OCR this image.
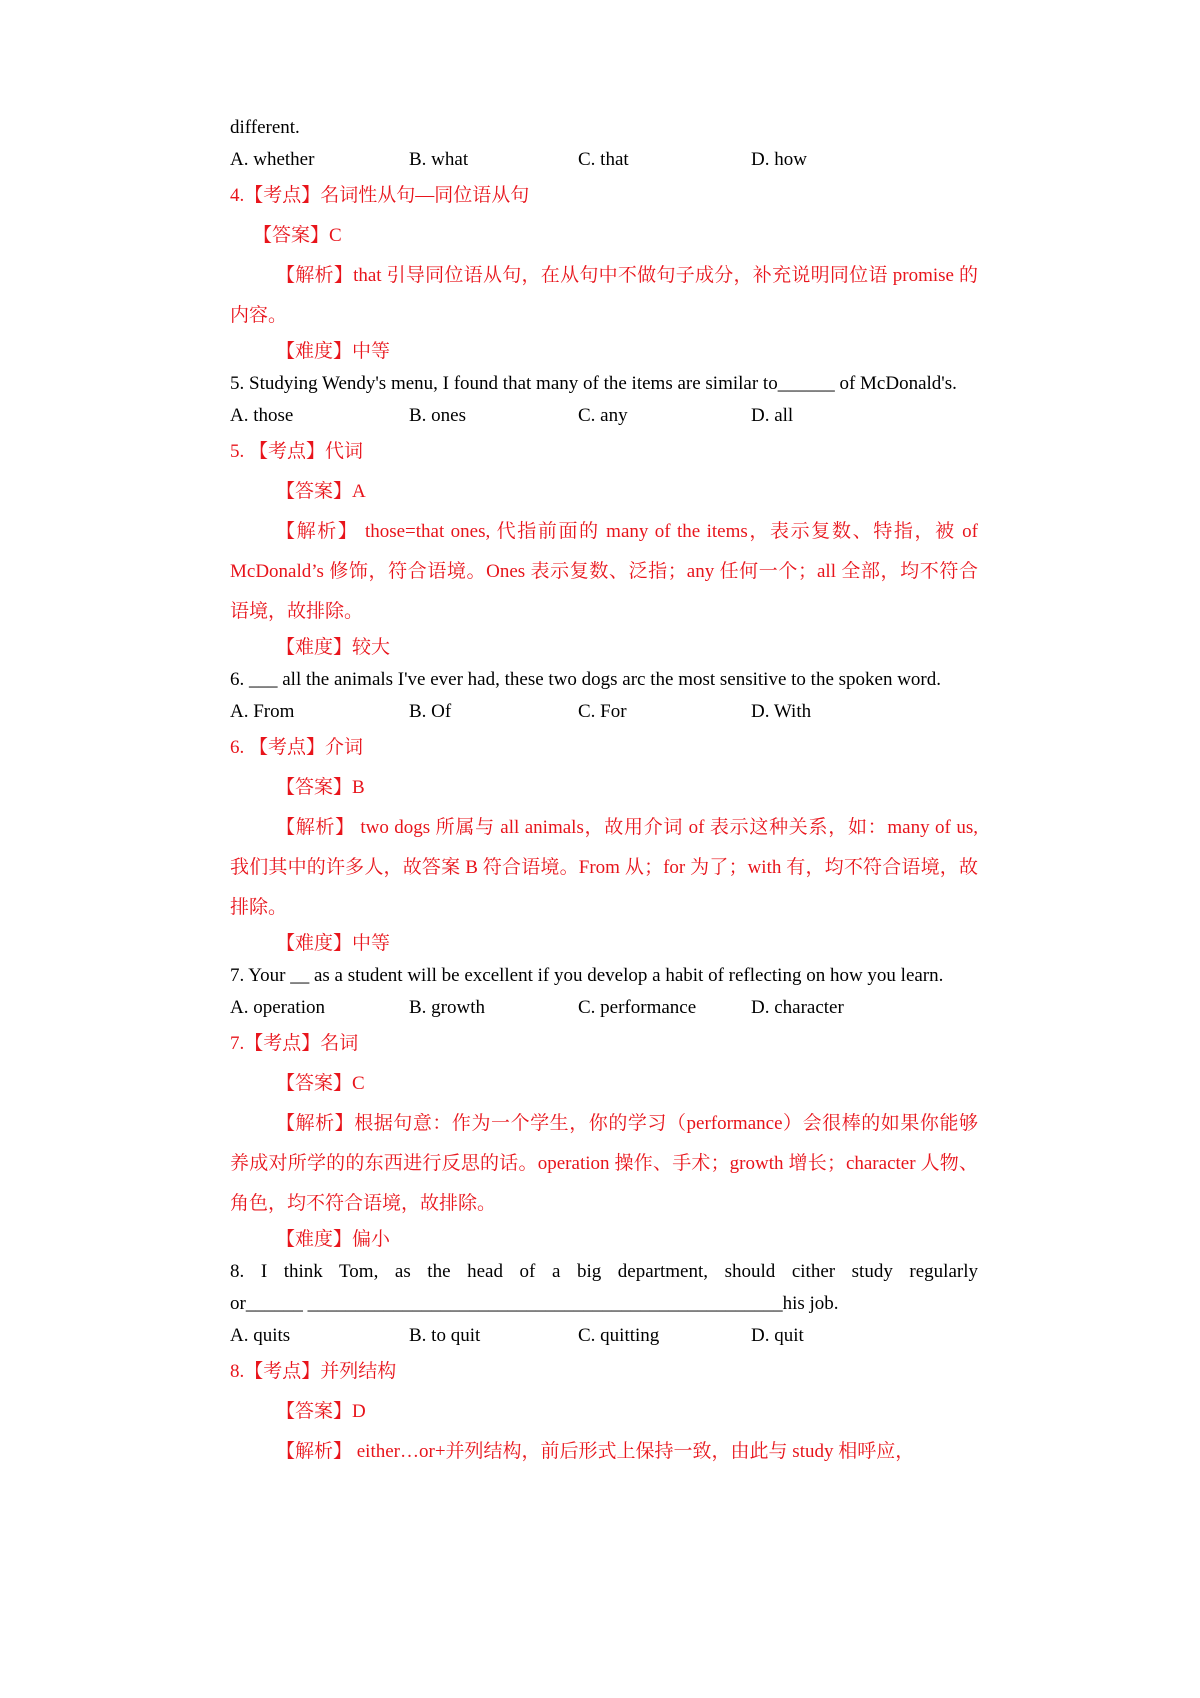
different.
A. whether	B. what	C. that	D. how
4.【考点】名词性从句—同位语从句
【答案】C
【解析】that 引导同位语从句，在从句中不做句子成分，补充说明同位语 promise 的内容。
【难度】中等
5. Studying Wendy's menu, I found that many of the items are similar to______ of McDonald's.
A. those	B. ones	C. any	D. all
5. 【考点】代词
【答案】A
【解析】 those=that ones, 代指前面的 many of the items，表示复数、特指，被 of McDonald’s 修饰，符合语境。Ones 表示复数、泛指；any 任何一个；all 全部，均不符合语境，故排除。
【难度】较大
6. ___ all the animals I've ever had, these two dogs arc the most sensitive to the spoken word.
A. From	B. Of	C. For	D. With
6. 【考点】介词
【答案】B
【解析】 two dogs 所属与 all animals，故用介词 of 表示这种关系，如：many of us, 我们其中的许多人，故答案 B 符合语境。From 从；for 为了；with 有，均不符合语境，故排除。
【难度】中等
7. Your __ as a student will be excellent if you develop a habit of reflecting on how you learn.
A. operation	B. growth	C. performance	D. character
7.【考点】名词
【答案】C
【解析】根据句意：作为一个学生，你的学习（performance）会很棒的如果你能够养成对所学的的东西进行反思的话。operation 操作、手术；growth 增长；character 人物、角色，均不符合语境，故排除。
【难度】偏小
8. I think Tom, as the head of a big department, should cither study regularly
or______ __________________________________________________his job.
A. quits	B. to quit	C. quitting	D. quit
8.【考点】并列结构
【答案】D
【解析】 either…or+并列结构，前后形式上保持一致，由此与 study 相呼应，
